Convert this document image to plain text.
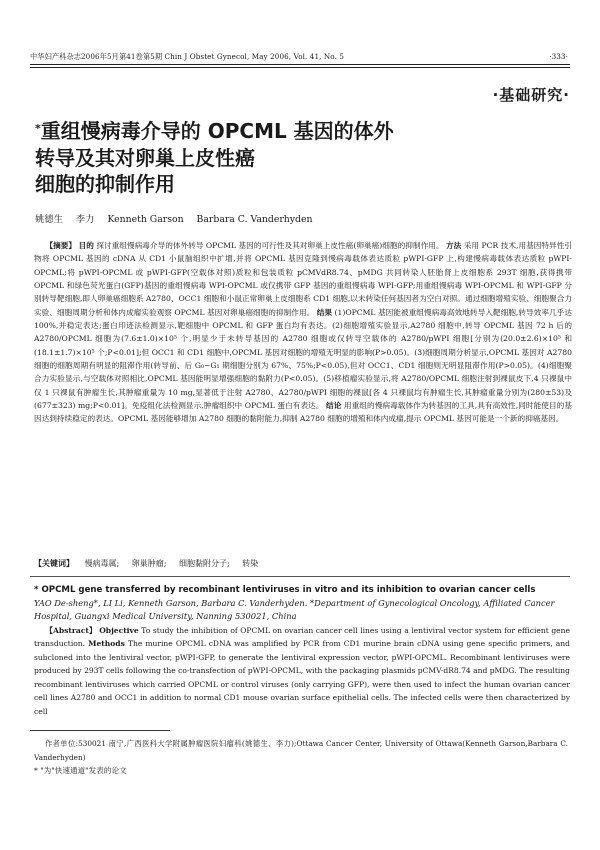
中华妇产科杂志2006年5月第41卷第5期 Chin J Obstet Gynecol, May 2006, Vol. 41, No. 5	·333·
·基础研究·
*重组慢病毒介导的 OPCML 基因的体外
转导及其对卵巢上皮性癌
细胞的抑制作用
姚德生 李力 Kenneth Garson Barbara C. Vanderhyden
【摘要】 目的 探讨重组慢病毒介导的体外转导 OPCML 基因的可行性及其对卵巢上皮性癌(卵巢癌)细胞的抑制作用。 方法 采用 PCR 技术,用基因特异性引物将 OPCML 基因的 cDNA 从 CD1 小鼠脑组织中扩增,并将 OPCML 基因克隆到慢病毒载体表达质粒 pWPI-GFP 上,构建慢病毒载体表达质粒 pWPI-OPCML;将 pWPI-OPCML 或 pWPI-GFP(空载体对照)质粒和包装质粒 pCMVdR8.74、pMDG 共同转染人胚胎肾上皮细胞系 293T 细胞,获得携带 OPCML 和绿色荧光蛋白(GFP)基因的重组慢病毒 WPI-OPCML 或仅携带 GFP 基因的重组慢病毒 WPI-GFP;用重组慢病毒 WPI-OPCML 和 WPI-GFP 分别转导靶细胞,即人卵巢癌细胞系 A2780、OCC1 细胞和小鼠正常卵巢上皮细胞系 CD1 细胞,以未转染任何基因者为空白对照。通过细胞增殖实验、细胞聚合力实验、细胞周期分析和体内成瘤实验观察 OPCML 基因对卵巢癌细胞的抑制作用。 结果 (1)OPCML 基因能被重组慢病毒高效地转导入靶细胞,转导效率几乎达 100%,并稳定表达;蛋白印迹法检测显示,靶细胞中 OPCML 和 GFP 蛋白均有表达。(2)细胞增殖实验显示,A2780 细胞中,转导 OPCML 基因 72 h 后的 A2780/OPCML 细胞为(7.6±1.0)×10⁵ 个,明显少于未转导基因的 A2780 细胞或仅转导空载体的 A2780/pWPI 细胞[分别为(20.0±2.6)×10⁵ 和(18.1±1.7)×10⁵ 个;P<0.01];但 OCC1 和 CD1 细胞中,OPCML 基因对细胞的增殖无明显的影响(P>0.05)。(3)细胞周期分析显示,OPCML 基因对 A2780 细胞的细胞周期有明显的阻滞作用(转导前、后 G₀~G₁ 期细胞分别为 67%、75%;P<0.05),但对 OCC1、CD1 细胞则无明显阻滞作用(P>0.05)。(4)细胞聚合力实验显示,与空载体对照相比,OPCML 基因能明显增强细胞的黏附力(P<0.05)。(5)移植瘤实验显示,将 A2780/OPCML 细胞注射到裸鼠皮下,4 只裸鼠中仅 1 只裸鼠有肿瘤生长,其肿瘤重量为 10 mg,显著低于注射 A2780、A2780/pWPI 细胞的裸鼠[各 4 只裸鼠均有肿瘤生长,其肿瘤重量分别为(280±53)及(677±323) mg;P<0.01]。免疫组化法检测显示,肿瘤组织中 OPCML 蛋白有表达。 结论 用重组的慢病毒载体作为转基因的工具,具有高效性,同时能使目的基因达到持续稳定的表达。OPCML 基因能够增加 A2780 细胞的黏附能力,抑制 A2780 细胞的增殖和体内成瘤,提示 OPCML 基因可能是一个新的抑癌基因。
【关键词】 慢病毒属; 卵巢肿瘤; 细胞黏附分子; 转染
* OPCML gene transferred by recombinant lentiviruses in vitro and its inhibition to ovarian cancer cells
YAO De-sheng*, LI Li, Kenneth Garson, Barbara C. Vanderhyden. *Department of Gynecological Oncology, Affiliated Cancer Hospital, Guangxi Medical University, Nanning 530021, China
【Abstract】 Objective To study the inhibition of OPCML on ovarian cancer cell lines using a lentiviral vector system for efficient gene transduction. Methods The murine OPCML cDNA was amplified by PCR from CD1 murine brain cDNA using gene specific primers, and subcloned into the lentiviral vector, pWPI-GFP, to generate the lentiviral expression vector, pWPI-OPCML. Recombinant lentiviruses were produced by 293T cells following the co-transfection of pWPI-OPCML, with the packaging plasmids pCMV-dR8.74 and pMDG. The resulting recombinant lentiviruses which carried OPCML or control viruses (only carrying GFP), were then used to infect the human ovarian cancer cell lines A2780 and OCC1 in addition to normal CD1 mouse ovarian surface epithelial cells. The infected cells were then characterized by cell
作者单位:530021 南宁,广西医科大学附属肿瘤医院妇瘤科(姚德生、李力);Ottawa Cancer Center, University of Ottawa(Kenneth Garson,Barbara C. Vanderhyden)
* "为"快速通道"发表的论文
